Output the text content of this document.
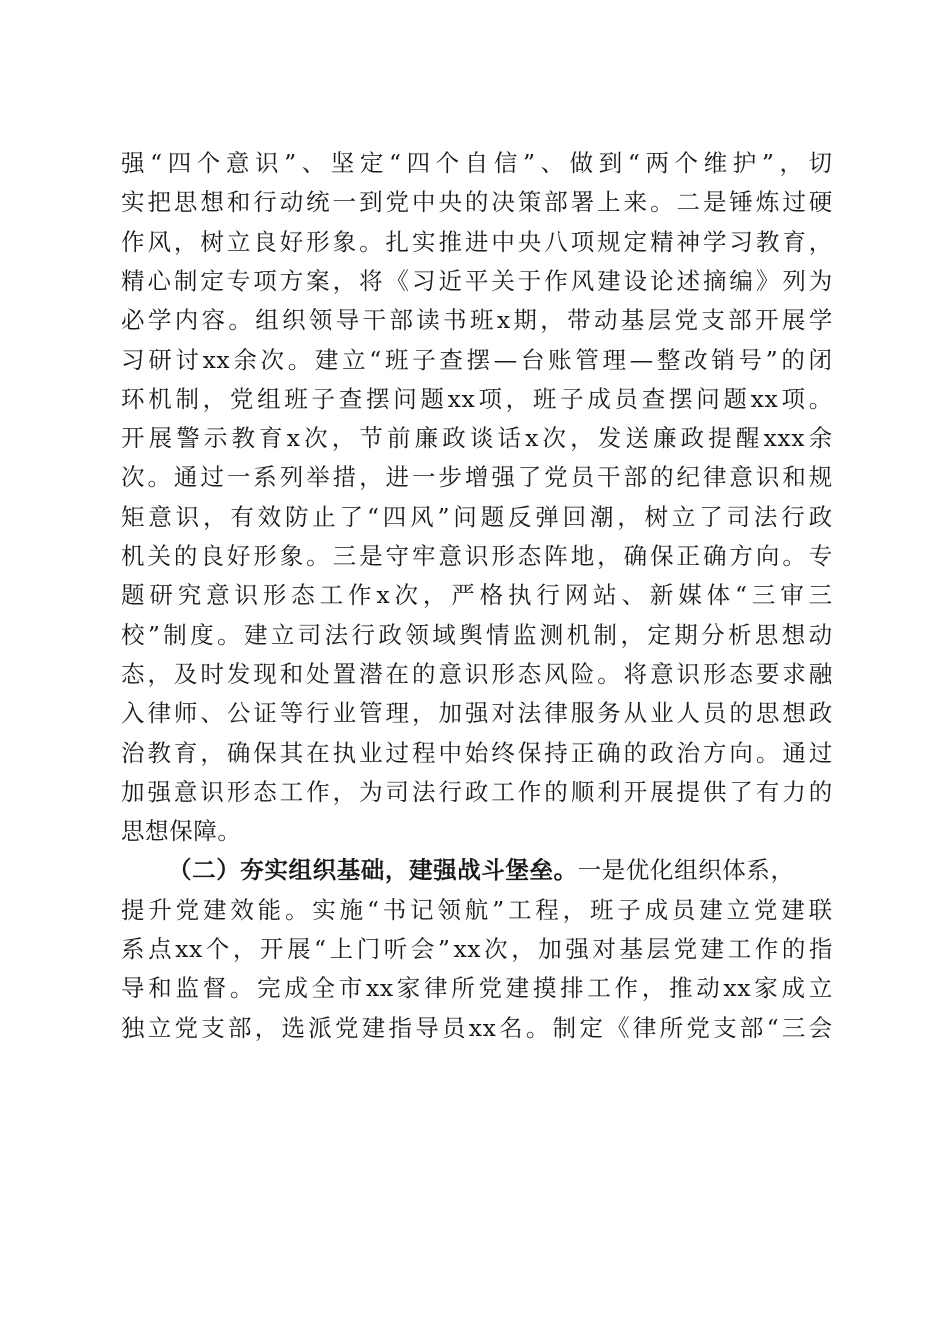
强 “ 四 个 意 识 ” 、 坚 定 “ 四 个 自 信 ” 、 做 到 “ 两 个 维 护 ” ， 切
实 把 思 想 和 行 动 统 一 到 党 中 央 的 决 策 部 署 上 来 。 二 是 锤 炼 过 硬
作 风 ， 树 立 良 好 形 象 。 扎 实 推 进 中 央 八 项 规 定 精 神 学 习 教 育 ，
精 心 制 定 专 项 方 案 ， 将 《 习 近 平 关 于 作 风 建 设 论 述 摘 编 》 列 为
必 学 内 容 。 组 织 领 导 干 部 读 书 班 x 期 ， 带 动 基 层 党 支 部 开 展 学
习 研 讨 xx 余 次 。 建 立 “ 班 子 查 摆 — 台 账 管 理 — 整 改 销 号 ” 的 闭
环 机 制 ， 党 组 班 子 查 摆 问 题 xx 项 ， 班 子 成 员 查 摆 问 题 xx 项 。
开 展 警 示 教 育 x 次 ， 节 前 廉 政 谈 话 x 次 ， 发 送 廉 政 提 醒 xxx 余
次 。 通 过 一 系 列 举 措 ， 进 一 步 增 强 了 党 员 干 部 的 纪 律 意 识 和 规
矩 意 识 ， 有 效 防 止 了 “ 四 风 ” 问 题 反 弹 回 潮 ， 树 立 了 司 法 行 政
机 关 的 良 好 形 象 。 三 是 守 牢 意 识 形 态 阵 地 ， 确 保 正 确 方 向 。 专
题 研 究 意 识 形 态 工 作 x 次 ， 严 格 执 行 网 站 、 新 媒 体 “ 三 审 三
校 ” 制 度 。 建 立 司 法 行 政 领 域 舆 情 监 测 机 制 ， 定 期 分 析 思 想 动
态 ， 及 时 发 现 和 处 置 潜 在 的 意 识 形 态 风 险 。 将 意 识 形 态 要 求 融
入 律 师 、 公 证 等 行 业 管 理 ， 加 强 对 法 律 服 务 从 业 人 员 的 思 想 政
治 教 育 ， 确 保 其 在 执 业 过 程 中 始 终 保 持 正 确 的 政 治 方 向 。 通 过
加 强 意 识 形 态 工 作 ， 为 司 法 行 政 工 作 的 顺 利 开 展 提 供 了 有 力 的
思想保障。
（二）夯实组织基础，建强战斗堡垒。一是优化组织体系，
提 升 党 建 效 能 。 实 施 “ 书 记 领 航 ” 工 程 ， 班 子 成 员 建 立 党 建 联
系 点 xx 个 ， 开 展 “ 上 门 听 会 ” xx 次 ， 加 强 对 基 层 党 建 工 作 的 指
导 和 监 督 。 完 成 全 市 xx 家 律 所 党 建 摸 排 工 作 ， 推 动 xx 家 成 立
独 立 党 支 部 ， 选 派 党 建 指 导 员 xx 名 。 制 定 《 律 所 党 支 部 “ 三 会
